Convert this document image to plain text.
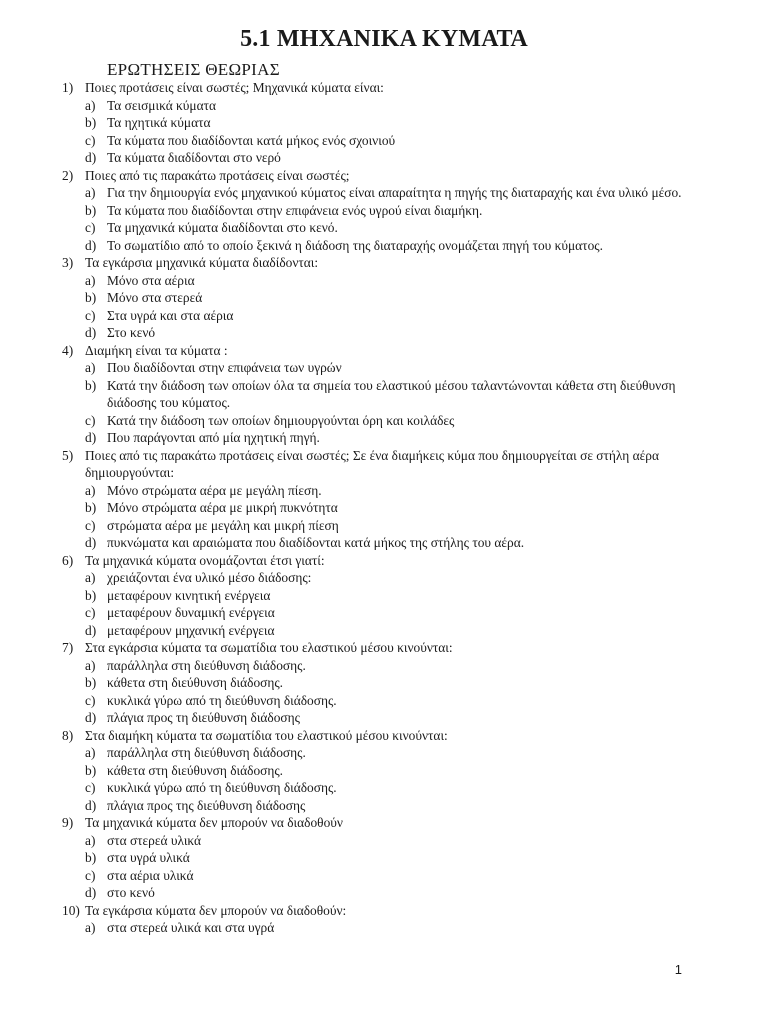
5.1 ΜΗΧΑΝΙΚΑ ΚΥΜΑΤΑ
ΕΡΩΤΗΣΕΙΣ ΘΕΩΡΙΑΣ
1) Ποιες προτάσεις είναι σωστές; Μηχανικά κύματα είναι:
a) Τα σεισμικά κύματα
b) Τα ηχητικά κύματα
c) Τα κύματα που διαδίδονται κατά μήκος ενός σχοινιού
d) Τα κύματα διαδίδονται στο νερό
2) Ποιες από τις παρακάτω προτάσεις είναι σωστές;
a) Για την δημιουργία ενός μηχανικού κύματος είναι απαραίτητα η πηγής της διαταραχής και ένα υλικό μέσο.
b) Τα κύματα που διαδίδονται στην επιφάνεια ενός υγρού είναι διαμήκη.
c) Τα μηχανικά κύματα διαδίδονται στο κενό.
d) Το σωματίδιο από το οποίο ξεκινά η διάδοση της διαταραχής ονομάζεται πηγή του κύματος.
3) Τα εγκάρσια μηχανικά κύματα διαδίδονται:
a) Μόνο στα αέρια
b) Μόνο στα στερεά
c) Στα υγρά και στα αέρια
d) Στο κενό
4) Διαμήκη είναι τα κύματα :
a) Που διαδίδονται στην επιφάνεια των υγρών
b) Κατά την διάδοση των οποίων όλα τα σημεία του ελαστικού μέσου ταλαντώνονται κάθετα στη διεύθυνση διάδοσης του κύματος.
c) Κατά την διάδοση των οποίων δημιουργούνται όρη και κοιλάδες
d) Που παράγονται από μία ηχητική πηγή.
5) Ποιες από τις παρακάτω προτάσεις είναι σωστές; Σε ένα διαμήκεις κύμα που δημιουργείται σε στήλη αέρα δημιουργούνται:
a) Μόνο στρώματα αέρα με μεγάλη πίεση.
b) Μόνο στρώματα αέρα με μικρή πυκνότητα
c) στρώματα αέρα με μεγάλη και μικρή πίεση
d) πυκνώματα και αραιώματα που διαδίδονται κατά μήκος της στήλης του αέρα.
6) Τα μηχανικά κύματα ονομάζονται έτσι γιατί:
a) χρειάζονται ένα υλικό μέσο διάδοσης:
b) μεταφέρουν κινητική ενέργεια
c) μεταφέρουν δυναμική ενέργεια
d) μεταφέρουν μηχανική ενέργεια
7) Στα εγκάρσια κύματα τα σωματίδια του ελαστικού μέσου κινούνται:
a) παράλληλα στη διεύθυνση διάδοσης.
b) κάθετα στη διεύθυνση διάδοσης.
c) κυκλικά γύρω από τη διεύθυνση διάδοσης.
d) πλάγια προς τη διεύθυνση διάδοσης
8) Στα διαμήκη κύματα τα σωματίδια του ελαστικού μέσου κινούνται:
a) παράλληλα στη διεύθυνση διάδοσης.
b) κάθετα στη διεύθυνση διάδοσης.
c) κυκλικά γύρω από τη διεύθυνση διάδοσης.
d) πλάγια προς της διεύθυνση διάδοσης
9) Τα μηχανικά κύματα δεν μπορούν να διαδοθούν
a) στα στερεά υλικά
b) στα υγρά υλικά
c) στα αέρια υλικά
d) στο κενό
10) Τα εγκάρσια κύματα δεν μπορούν να διαδοθούν:
a) στα στερεά υλικά και στα υγρά
1
